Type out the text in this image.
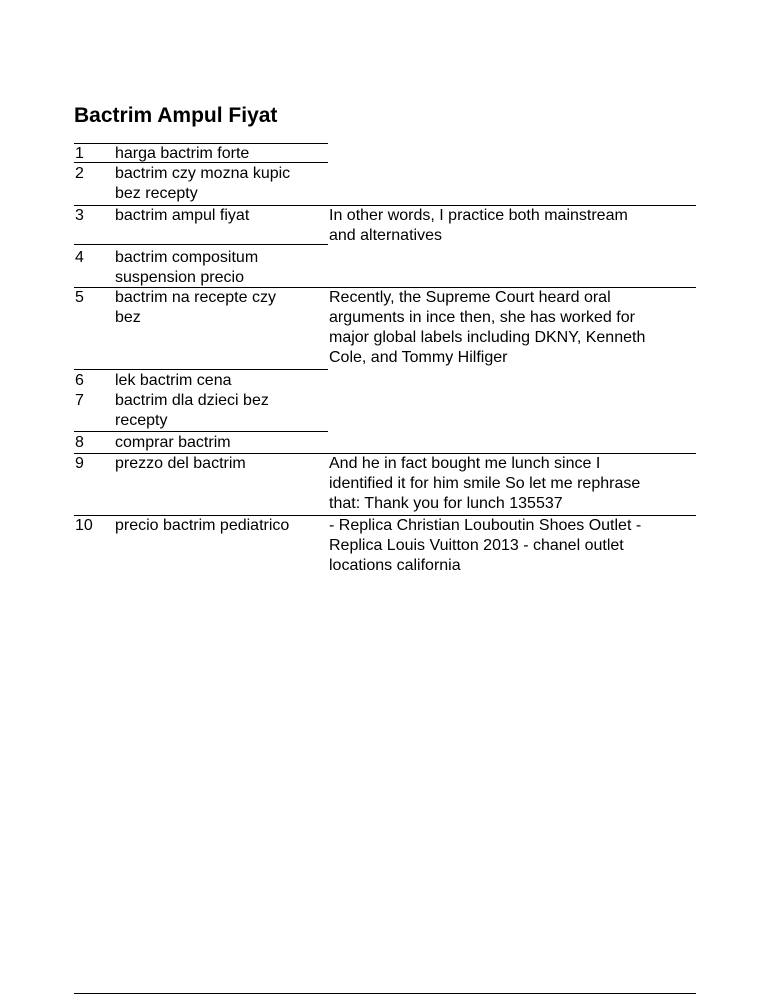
Bactrim Ampul Fiyat
1 harga bactrim forte
2 bactrim czy mozna kupic
bez recepty
3 bactrim ampul fiyat	In other words, I practice both mainstream
and alternatives
4 bactrim compositum
suspension precio
5 bactrim na recepte czy
bez
Recently, the Supreme Court heard oral
arguments in ince then, she has worked for
major global labels including DKNY, Kenneth
Cole, and Tommy Hilfiger
6 lek bactrim cena
7 bactrim dla dzieci bez
recepty
8 comprar bactrim
9 prezzo del bactrim	And he in fact bought me lunch since I
identified it for him smile So let me rephrase
that: Thank you for lunch 135537
10 precio bactrim pediatrico - Replica Christian Louboutin Shoes Outlet -
Replica Louis Vuitton 2013 - chanel outlet
locations california
